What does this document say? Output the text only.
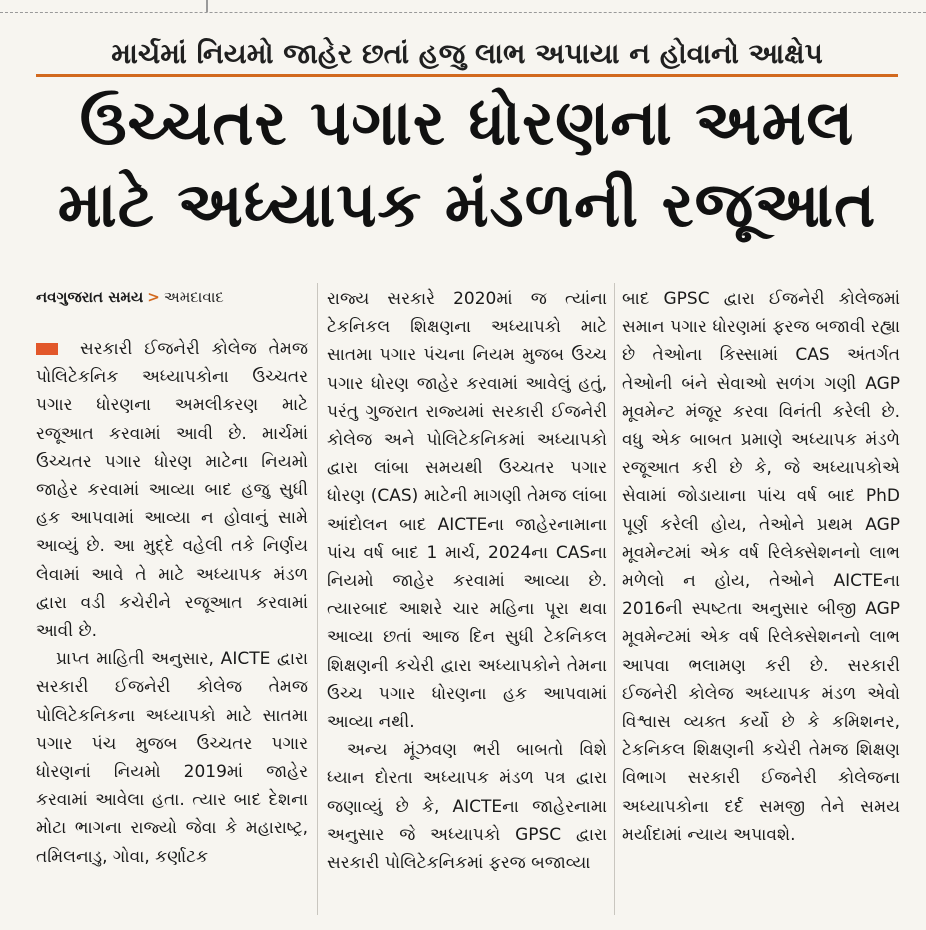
માર્ચમાં નિયમો જાહેર છતાં હજુ લાભ અપાયા ન હોવાનો આક્ષેપ
ઉચ્ચતર પગાર ધોરણના અમલ
માટે અધ્યાપક મંડળની રજૂઆત
નવગુજરાત સમય > અમદાવાદ

સરકારી ઈજનેરી કોલેજ તેમજ પોલિટેકનિક અધ્યાપકોના ઉચ્ચતર પગાર ધોરણના અમલીકરણ માટે રજૂઆત કરવામાં આવી છે. માર્ચમાં ઉચ્ચતર પગાર ધોરણ માટેના નિયમો જાહેર કરવામાં આવ્યા બાદ હજુ સુધી હક આપવામાં આવ્યા ન હોવાનું સામે આવ્યું છે. આ મુદ્દે વહેલી તકે નિર્ણય લેવામાં આવે તે માટે અધ્યાપક મંડળ દ્વારા વડી કચેરીને રજૂઆત કરવામાં આવી છે.

પ્રાપ્ત માહિતી અનુસાર, AICTE દ્વારા સરકારી ઈજનેરી કોલેજ તેમજ પોલિટેકનિકના અધ્યાપકો માટે સાતમા પગાર પંચ મુજબ ઉચ્ચતર પગાર ધોરણનાં નિયમો 2019માં જાહેર કરવામાં આવેલા હતા. ત્યાર બાદ દેશના મોટા ભાગના રાજ્યો જેવા કે મહારાષ્ટ્ર, તમિલનાડુ, ગોવા, કર્ણાટક

રાજ્ય સરકારે 2020માં જ ત્યાંના ટેકનિકલ શિક્ષણના અધ્યાપકો માટે સાતમા પગાર પંચના નિયમ મુજબ ઉચ્ચ પગાર ધોરણ જાહેર કરવામાં આવેલું હતું, પરંતુ ગુજરાત રાજ્યમાં સરકારી ઈજનેરી કોલેજ અને પોલિટેકનિકમાં અધ્યાપકો દ્વારા લાંબા સમયથી ઉચ્ચતર પગાર ધોરણ (CAS) માટેની માગણી તેમજ લાંબા આંદોલન બાદ AICTEના જાહેરનામાના પાંચ વર્ષ બાદ 1 માર્ચ, 2024ના CASના નિયમો જાહેર કરવામાં આવ્યા છે. ત્યારબાદ આશરે ચાર મહિના પૂરા થવા આવ્યા છતાં આજ દિન સુધી ટેકનિકલ શિક્ષણની કચેરી દ્વારા અધ્યાપકોને તેમના ઉચ્ચ પગાર ધોરણના હક આપવામાં આવ્યા નથી.

અન્ય મૂંઝવણ ભરી બાબતો વિશે ધ્યાન દોરતા અધ્યાપક મંડળ પત્ર દ્વારા જણાવ્યું છે કે, AICTEના જાહેરનામા અનુસાર જે અધ્યાપકો GPSC દ્વારા સરકારી પોલિટેકનિકમાં ફરજ બજાવ્યા

બાદ GPSC દ્વારા ઈજનેરી કોલેજમાં સમાન પગાર ધોરણમાં ફરજ બજાવી રહ્યા છે તેઓના કિસ્સામાં CAS અંતર્ગત તેઓની બંને સેવાઓ સળંગ ગણી AGP મૂવમેન્ટ મંજૂર કરવા વિનંતી કરેલી છે. વધુ એક બાબત પ્રમાણે અધ્યાપક મંડળે રજૂઆત કરી છે કે, જે અધ્યાપકોએ સેવામાં જોડાયાના પાંચ વર્ષ બાદ PhD પૂર્ણ કરેલી હોય, તેઓને પ્રથમ AGP મૂવમેન્ટમાં એક વર્ષ રિલેક્સેશનનો લાભ મળેલો ન હોય, તેઓને AICTEના 2016ની સ્પષ્ટતા અનુસાર બીજી AGP મૂવમેન્ટમાં એક વર્ષ રિલેક્સેશનનો લાભ આપવા ભલામણ કરી છે. સરકારી ઈજનેરી કોલેજ અધ્યાપક મંડળ એવો વિશ્વાસ વ્યક્ત કર્યો છે કે કમિશનર, ટેકનિકલ શિક્ષણની કચેરી તેમજ શિક્ષણ વિભાગ સરકારી ઈજનેરી કોલેજના અધ્યાપકોના દર્દ સમજી તેને સમય મર્યાદામાં ન્યાય અપાવશે.
